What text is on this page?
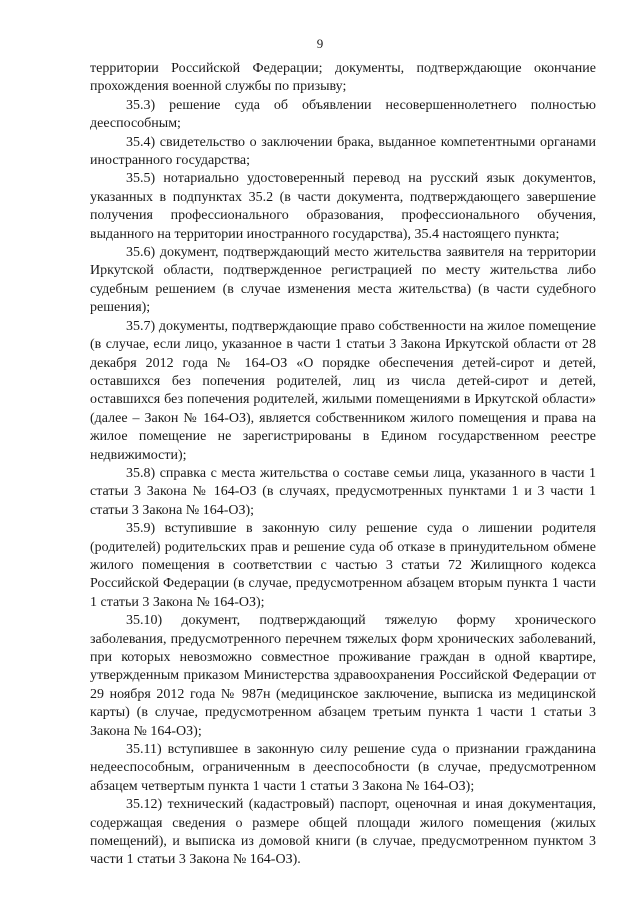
9

территории Российской Федерации; документы, подтверждающие окончание прохождения военной службы по призыву;

35.3) решение суда об объявлении несовершеннолетнего полностью дееспособным;

35.4) свидетельство о заключении брака, выданное компетентными органами иностранного государства;

35.5) нотариально удостоверенный перевод на русский язык документов, указанных в подпунктах 35.2 (в части документа, подтверждающего завершение получения профессионального образования, профессионального обучения, выданного на территории иностранного государства), 35.4 настоящего пункта;

35.6) документ, подтверждающий место жительства заявителя на территории Иркутской области, подтвержденное регистрацией по месту жительства либо судебным решением (в случае изменения места жительства) (в части судебного решения);

35.7) документы, подтверждающие право собственности на жилое помещение (в случае, если лицо, указанное в части 1 статьи 3 Закона Иркутской области от 28 декабря 2012 года № 164-ОЗ «О порядке обеспечения детей-сирот и детей, оставшихся без попечения родителей, лиц из числа детей-сирот и детей, оставшихся без попечения родителей, жилыми помещениями в Иркутской области» (далее – Закон № 164-ОЗ), является собственником жилого помещения и права на жилое помещение не зарегистрированы в Едином государственном реестре недвижимости);

35.8) справка с места жительства о составе семьи лица, указанного в части 1 статьи 3 Закона № 164-ОЗ (в случаях, предусмотренных пунктами 1 и 3 части 1 статьи 3 Закона № 164-ОЗ);

35.9) вступившие в законную силу решение суда о лишении родителя (родителей) родительских прав и решение суда об отказе в принудительном обмене жилого помещения в соответствии с частью 3 статьи 72 Жилищного кодекса Российской Федерации (в случае, предусмотренном абзацем вторым пункта 1 части 1 статьи 3 Закона № 164-ОЗ);

35.10) документ, подтверждающий тяжелую форму хронического заболевания, предусмотренного перечнем тяжелых форм хронических заболеваний, при которых невозможно совместное проживание граждан в одной квартире, утвержденным приказом Министерства здравоохранения Российской Федерации от 29 ноября 2012 года № 987н (медицинское заключение, выписка из медицинской карты) (в случае, предусмотренном абзацем третьим пункта 1 части 1 статьи 3 Закона № 164-ОЗ);

35.11) вступившее в законную силу решение суда о признании гражданина недееспособным, ограниченным в дееспособности (в случае, предусмотренном абзацем четвертым пункта 1 части 1 статьи 3 Закона № 164-ОЗ);

35.12) технический (кадастровый) паспорт, оценочная и иная документация, содержащая сведения о размере общей площади жилого помещения (жилых помещений), и выписка из домовой книги (в случае, предусмотренном пунктом 3 части 1 статьи 3 Закона № 164-ОЗ).
